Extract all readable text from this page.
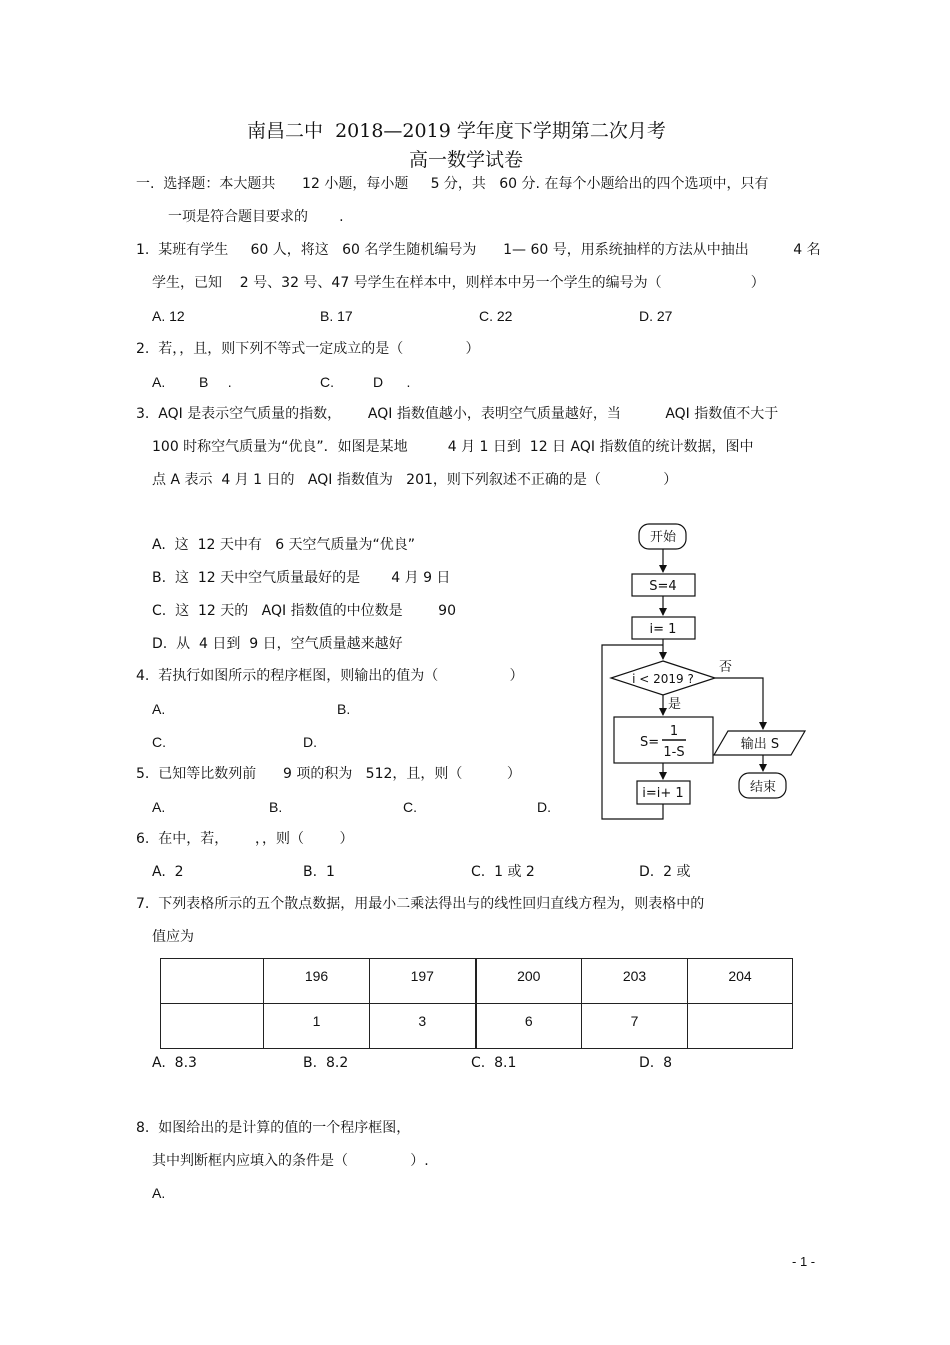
南昌二中  2018—2019 学年度下学期第二次月考
高一数学试卷
一.  选择题：本大题共      12 小题，每小题     5 分，共   60 分. 在每个小题给出的四个选项中，只有
一项是符合题目要求的       .
1.  某班有学生     60 人，将这   60 名学生随机编号为      1— 60 号，用系统抽样的方法从中抽出          4 名
学生，已知    2 号、32 号、47 号学生在样本中，则样本中另一个学生的编号为（                    ）
A. 12	B. 17	C. 22	D. 27
2.  若，，且，则下列不等式一定成立的是（              ）
A. B     .	C.	D      .
3.  AQI 是表示空气质量的指数，      AQI 指数值越小，表明空气质量越好，当          AQI 指数值不大于
100 时称空气质量为“优良”．如图是某地         4 月 1 日到  12 日 AQI 指数值的统计数据，图中
点 A 表示  4 月 1 日的   AQI 指数值为   201，则下列叙述不正确的是（              ）
A.  这  12 天中有   6 天空气质量为“优良”
B.  这  12 天中空气质量最好的是       4 月 9 日
C.  这  12 天的   AQI 指数值的中位数是        90
D.  从  4 日到  9 日，空气质量越来越好
4.  若执行如图所示的程序框图，则输出的值为（                ）
A.	B.
C.	D.
5.  已知等比数列前      9 项的积为   512，且，则（          ）
A.	B.	C.	D.
6.  在中，若，      ，，则（        ）
A.  2	B.  1	C.  1 或 2	D.  2 或
7.  下列表格所示的五个散点数据，用最小二乘法得出与的线性回归直线方程为，则表格中的
值应为
	196	197	200	203	204
	1	3	6	7	
A.  8.3	B.  8.2	C.  8.1	D.  8
8.  如图给出的是计算的值的一个程序框图，
其中判断框内应填入的条件是（              ）.
A.
- 1 -
开始
S=4
i= 1
i < 2019 ?
否
是
S=
1
1-S
i=i+ 1
输出 S
结束
